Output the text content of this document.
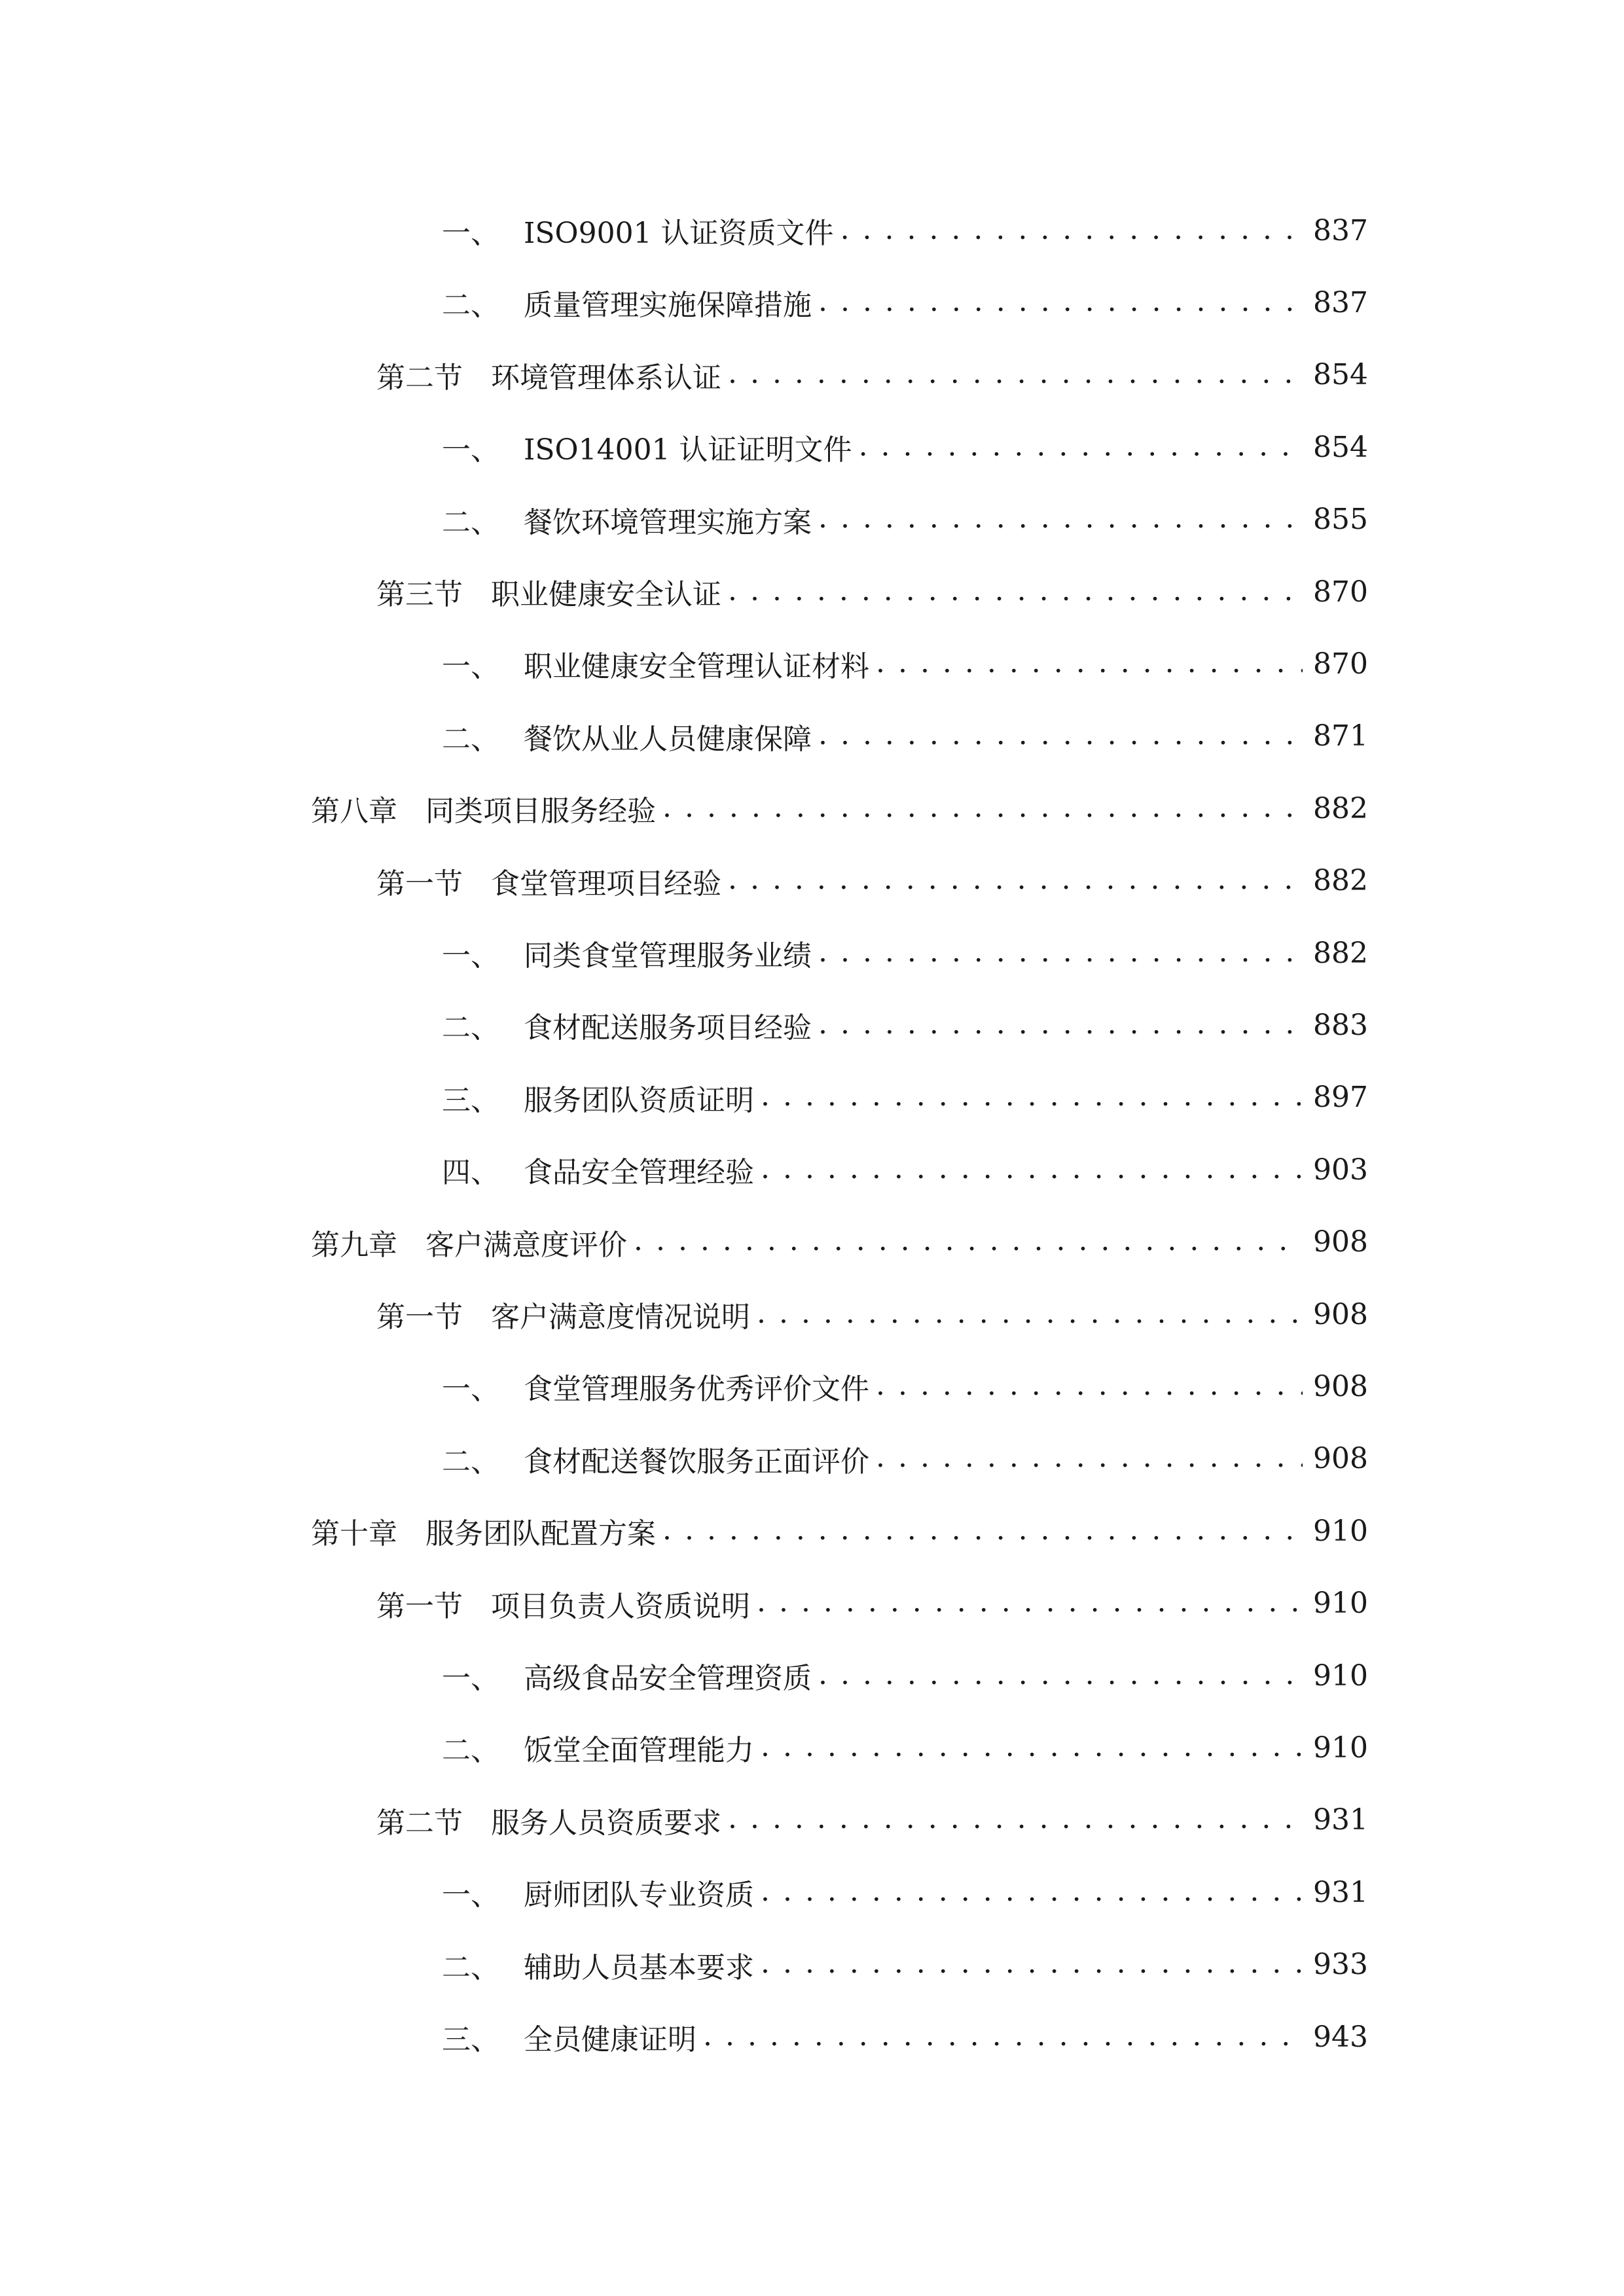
一、 ISO9001 认证资质文件 . . .	837
二、 质量管理实施保障措施 . . .	837
第二节 环境管理体系认证 . . .	854
一、 ISO14001 认证证明文件 . . .	854
二、 餐饮环境管理实施方案 . . .	855
第三节 职业健康安全认证 . . .	870
一、 职业健康安全管理认证材料 . . .	870
二、 餐饮从业人员健康保障 . . .	871
第八章 同类项目服务经验 . . .	882
第一节 食堂管理项目经验 . . .	882
一、 同类食堂管理服务业绩 . . .	882
二、 食材配送服务项目经验 . . .	883
三、 服务团队资质证明 . . .	897
四、 食品安全管理经验 . . .	903
第九章 客户满意度评价 . . .	908
第一节 客户满意度情况说明 . . .	908
一、 食堂管理服务优秀评价文件 . . .	908
二、 食材配送餐饮服务正面评价 . . .	908
第十章 服务团队配置方案 . . .	910
第一节 项目负责人资质说明 . . .	910
一、 高级食品安全管理资质 . . .	910
二、 饭堂全面管理能力 . . .	910
第二节 服务人员资质要求 . . .	931
一、 厨师团队专业资质 . . .	931
二、 辅助人员基本要求 . . .	933
三、 全员健康证明 . . .	943
